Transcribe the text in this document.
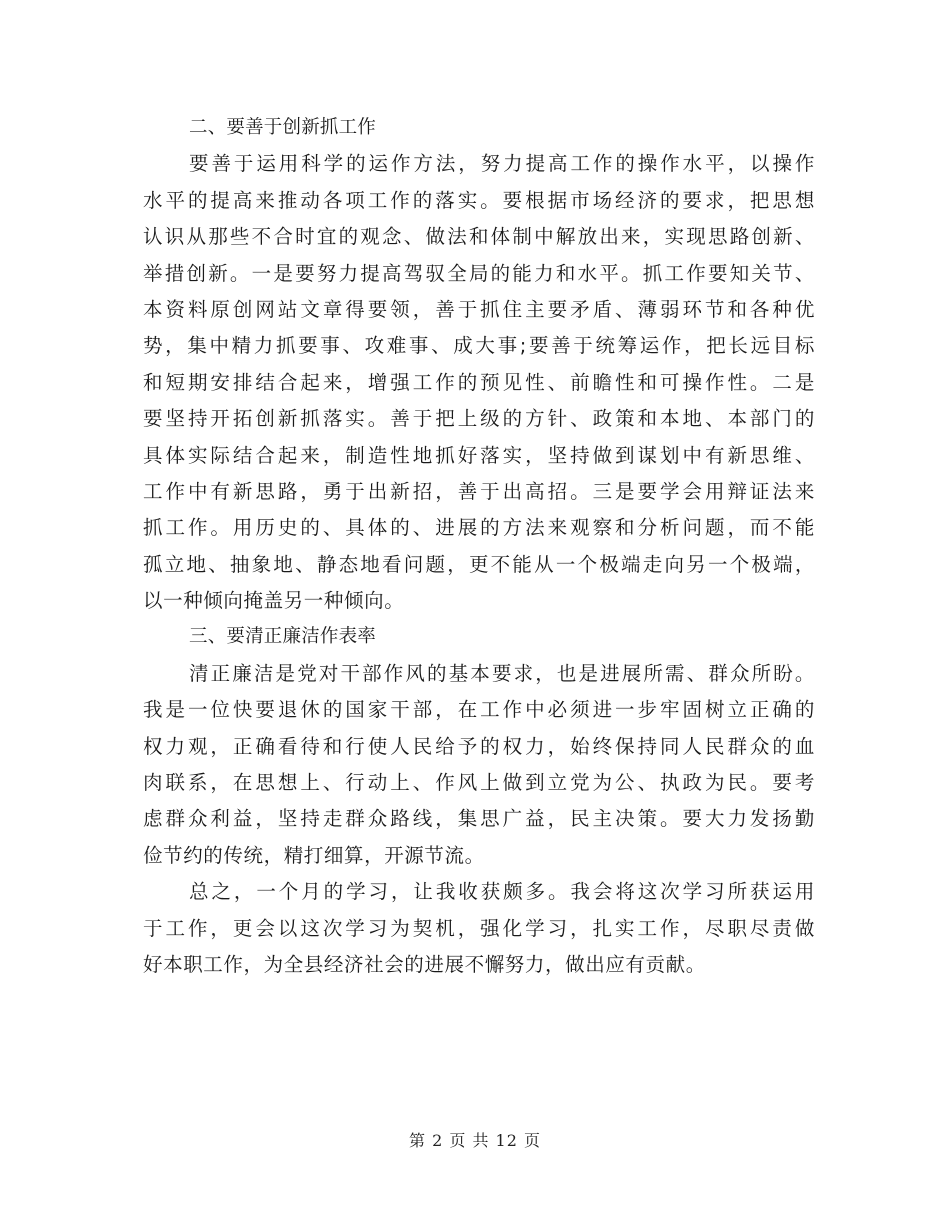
二、要善于创新抓工作
要善于运用科学的运作方法，努力提高工作的操作水平，以操作
水平的提高来推动各项工作的落实。要根据市场经济的要求，把思想
认识从那些不合时宜的观念、做法和体制中解放出来，实现思路创新、
举措创新。一是要努力提高驾驭全局的能力和水平。抓工作要知关节、
本资料原创网站文章得要领，善于抓住主要矛盾、薄弱环节和各种优
势，集中精力抓要事、攻难事、成大事;要善于统筹运作，把长远目标
和短期安排结合起来，增强工作的预见性、前瞻性和可操作性。二是
要坚持开拓创新抓落实。善于把上级的方针、政策和本地、本部门的
具体实际结合起来，制造性地抓好落实，坚持做到谋划中有新思维、
工作中有新思路，勇于出新招，善于出高招。三是要学会用辩证法来
抓工作。用历史的、具体的、进展的方法来观察和分析问题，而不能
孤立地、抽象地、静态地看问题，更不能从一个极端走向另一个极端，
以一种倾向掩盖另一种倾向。
三、要清正廉洁作表率
清正廉洁是党对干部作风的基本要求，也是进展所需、群众所盼。
我是一位快要退休的国家干部，在工作中必须进一步牢固树立正确的
权力观，正确看待和行使人民给予的权力，始终保持同人民群众的血
肉联系，在思想上、行动上、作风上做到立党为公、执政为民。要考
虑群众利益，坚持走群众路线，集思广益，民主决策。要大力发扬勤
俭节约的传统，精打细算，开源节流。
总之，一个月的学习，让我收获颇多。我会将这次学习所获运用
于工作，更会以这次学习为契机，强化学习，扎实工作，尽职尽责做
好本职工作，为全县经济社会的进展不懈努力，做出应有贡献。
第 2 页 共 12 页
